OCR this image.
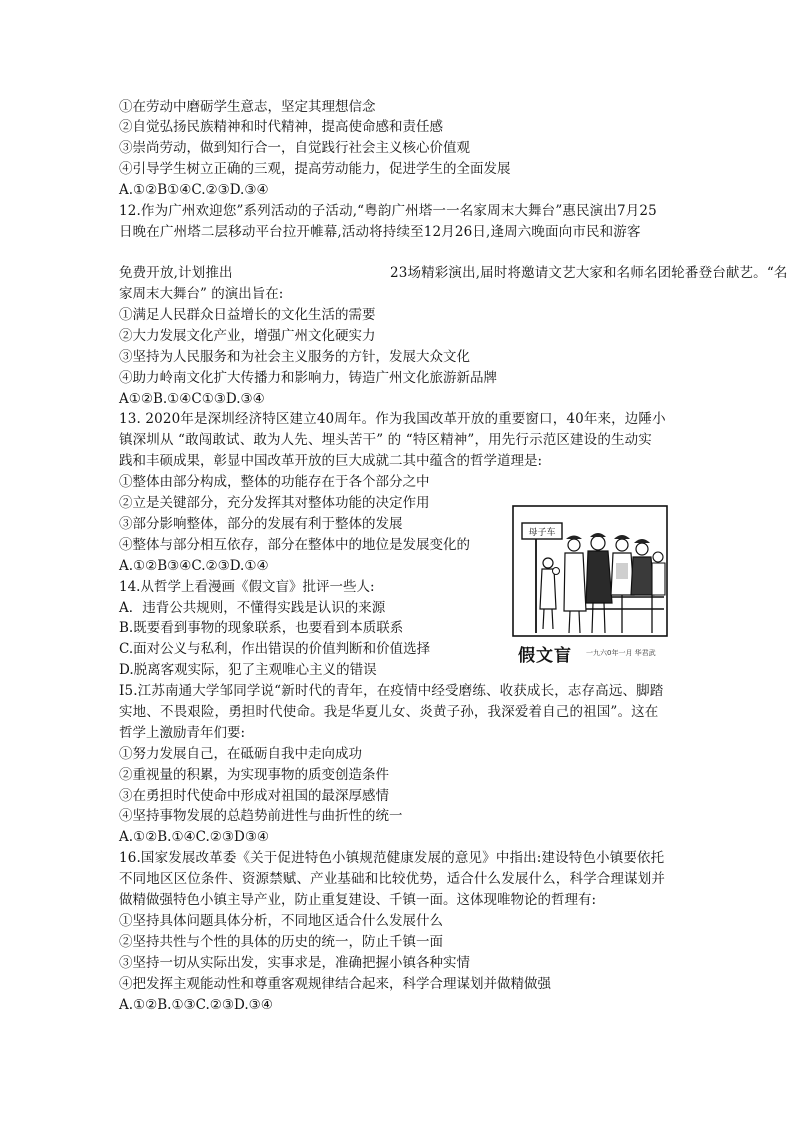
①在劳动中磨砺学生意志，坚定其理想信念
②自觉弘扬民族精神和时代精神，提高使命感和责任感
③崇尚劳动，做到知行合一，自觉践行社会主义核心价值观
④引导学生树立正确的三观，提高劳动能力，促进学生的全面发展
A.①②B①④C.②③D.③④
12.作为广州欢迎您”系列活动的子活动,“粤韵广州塔一一名家周末大舞台”惠民演出7月25
日晚在广州塔二层移动平台拉开帷幕,活动将持续至12月26日,逢周六晚面向市民和游客
免费开放,计划推出	23场精彩演出,届时将邀请文艺大家和名师名团轮番登台献艺。“名
家周末大舞台” 的演出旨在:
①满足人民群众日益增长的文化生活的需要
②大力发展文化产业，增强广州文化硬实力
③坚持为人民服务和为社会主义服务的方针，发展大众文化
④助力岭南文化扩大传播力和影响力，铸造广州文化旅游新品牌
A①②B.①④C①③D.③④
13. 2020年是深圳经济特区建立40周年。作为我国改革开放的重要窗口，40年来，边陲小
镇深圳从 “敢闯敢试、敢为人先、埋头苦干” 的 “特区精神”，用先行示范区建设的生动实
践和丰硕成果，彰显中国改革开放的巨大成就二其中蕴含的哲学道理是:
①整体由部分构成，整体的功能存在于各个部分之中
②立是关键部分，充分发挥其对整体功能的决定作用
③部分影响整体，部分的发展有利于整体的发展
④整体与部分相互依存，部分在整体中的地位是发展变化的
A.①②B③④C.②③D.①④
14.从哲学上看漫画《假文盲》批评一些人:
A．违背公共规则，不懂得实践是认识的来源
B.既要看到事物的现象联系，也要看到本质联系
C.面对公义与私利，作出错误的价值判断和价值选择
D.脱离客观实际，犯了主观唯心主义的错误
I5.江苏南通大学邹同学说“新时代的青年，在疫情中经受磨练、收获成长，志存高远、脚踏
实地、不畏艰险，勇担时代使命。我是华夏儿女、炎黄子孙，我深爱着自己的祖国”。这在
哲学上激励青年们要:
①努力发展自己，在砥砺自我中走向成功
②重视量的积累，为实现事物的质变创造条件
③在勇担时代使命中形成对祖国的最深厚感情
④坚持事物发展的总趋势前进性与曲折性的统一
A.①②B.①④C.②③D③④
16.国家发展改革委《关于促进特色小镇规范健康发展的意见》中指出:建设特色小镇要依托
不同地区区位条件、资源禁赋、产业基础和比较优势，适合什么发展什么，科学合理谋划并
做精做强特色小镇主导产业，防止重复建设、千镇一面。这体现唯物论的哲理有:
①坚持具体问题具体分析，不同地区适合什么发展什么
②坚持共性与个性的具体的历史的统一，防止千镇一面
③坚持一切从实际出发，实事求是，准确把握小镇各种实情
④把发挥主观能动性和尊重客观规律结合起来，科学合理谋划并做精做强
A.①②B.①③C.②③D.③④
母子车
假文盲 一九六0年一月 华君武
